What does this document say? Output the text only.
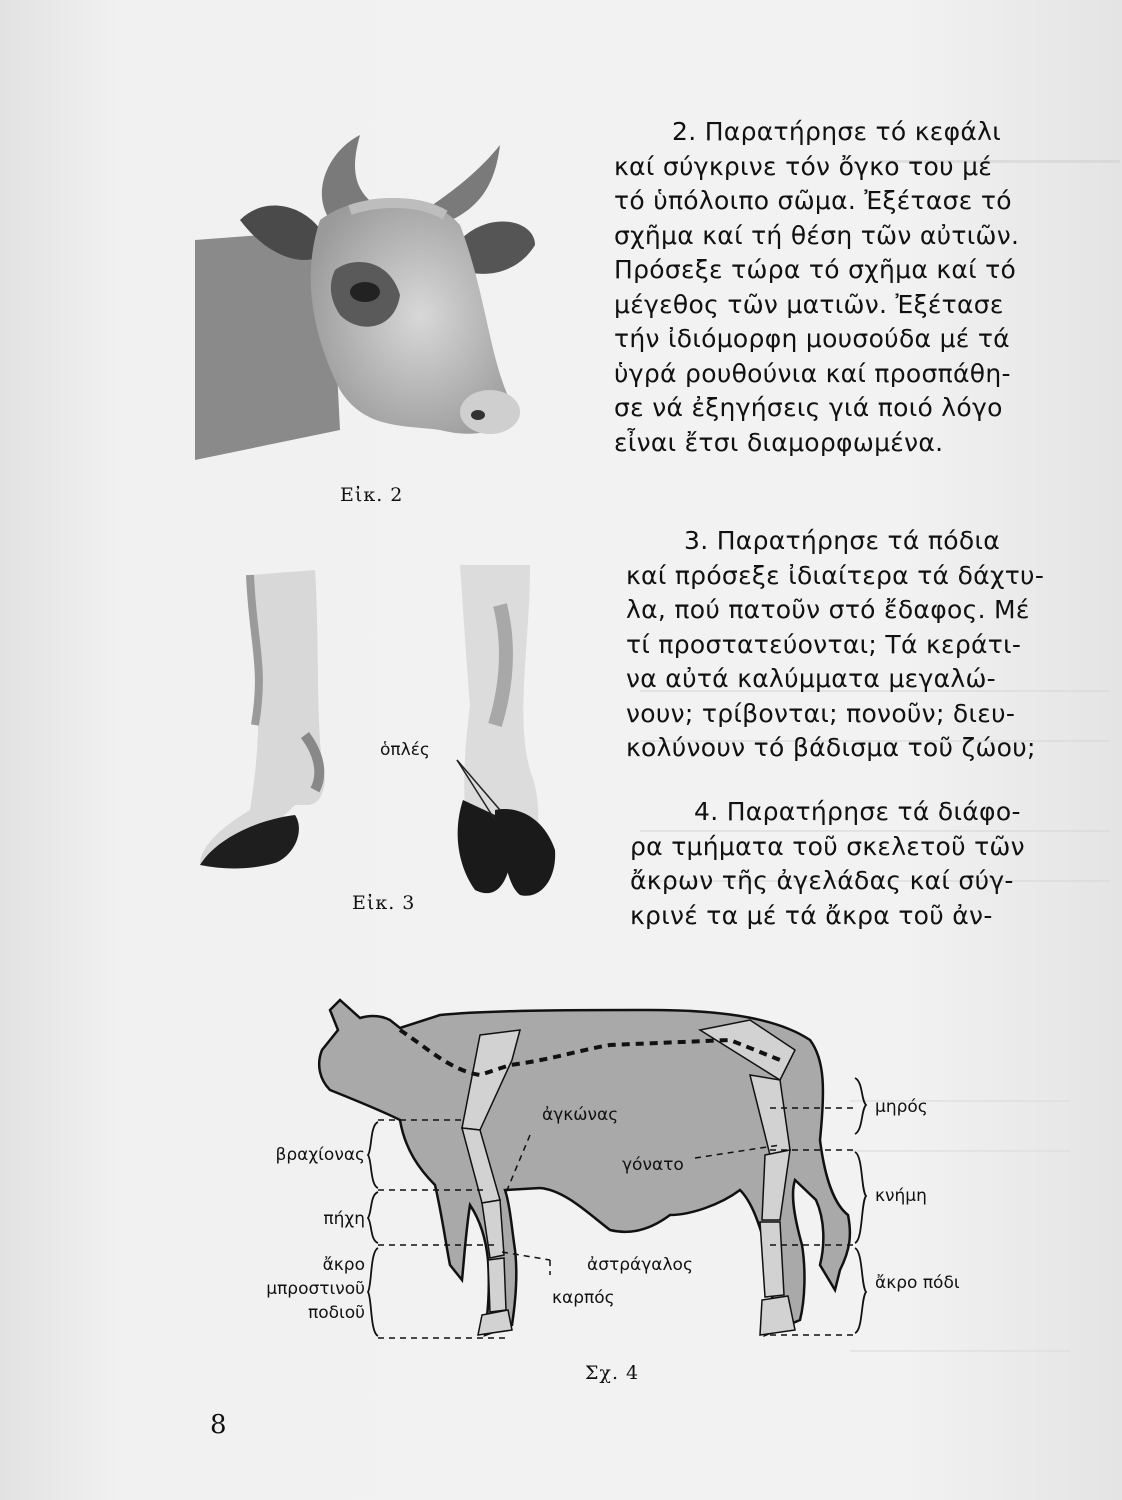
Εἰκ. 2
2. Παρατήρησε τό κεφάλι
καί σύγκρινε τόν ὄγκο του μέ
τό ὑπόλοιπο σῶμα. Ἐξέτασε τό
σχῆμα καί τή θέση τῶν αὐτιῶν.
Πρόσεξε τώρα τό σχῆμα καί τό
μέγεθος τῶν ματιῶν. Ἐξέτασε
τήν ἰδιόμορφη μουσούδα μέ τά
ὑγρά ρουθούνια καί προσπάθη-
σε νά ἐξηγήσεις γιά ποιό λόγο
εἶναι ἔτσι διαμορφωμένα.
ὁπλές
Εἰκ. 3
3. Παρατήρησε τά πόδια
καί πρόσεξε ἰδιαίτερα τά δάχτυ-
λα, πού πατοῦν στό ἔδαφος. Μέ
τί προστατεύονται; Τά κεράτι-
να αὐτά καλύμματα μεγαλώ-
νουν; τρίβονται; πονοῦν; διευ-
κολύνουν τό βάδισμα τοῦ ζώου;
4. Παρατήρησε τά διάφο-
ρα τμήματα τοῦ σκελετοῦ τῶν
ἄκρων τῆς ἀγελάδας καί σύγ-
κρινέ τα μέ τά ἄκρα τοῦ ἀν-
βραχίονας
πήχη
ἄκρο
μπροστινοῦ
ποδιοῦ
ἀγκώνας
γόνατο
ἀστράγαλος
καρπός
μηρός
κνήμη
ἄκρο πόδι
Σχ. 4
8
